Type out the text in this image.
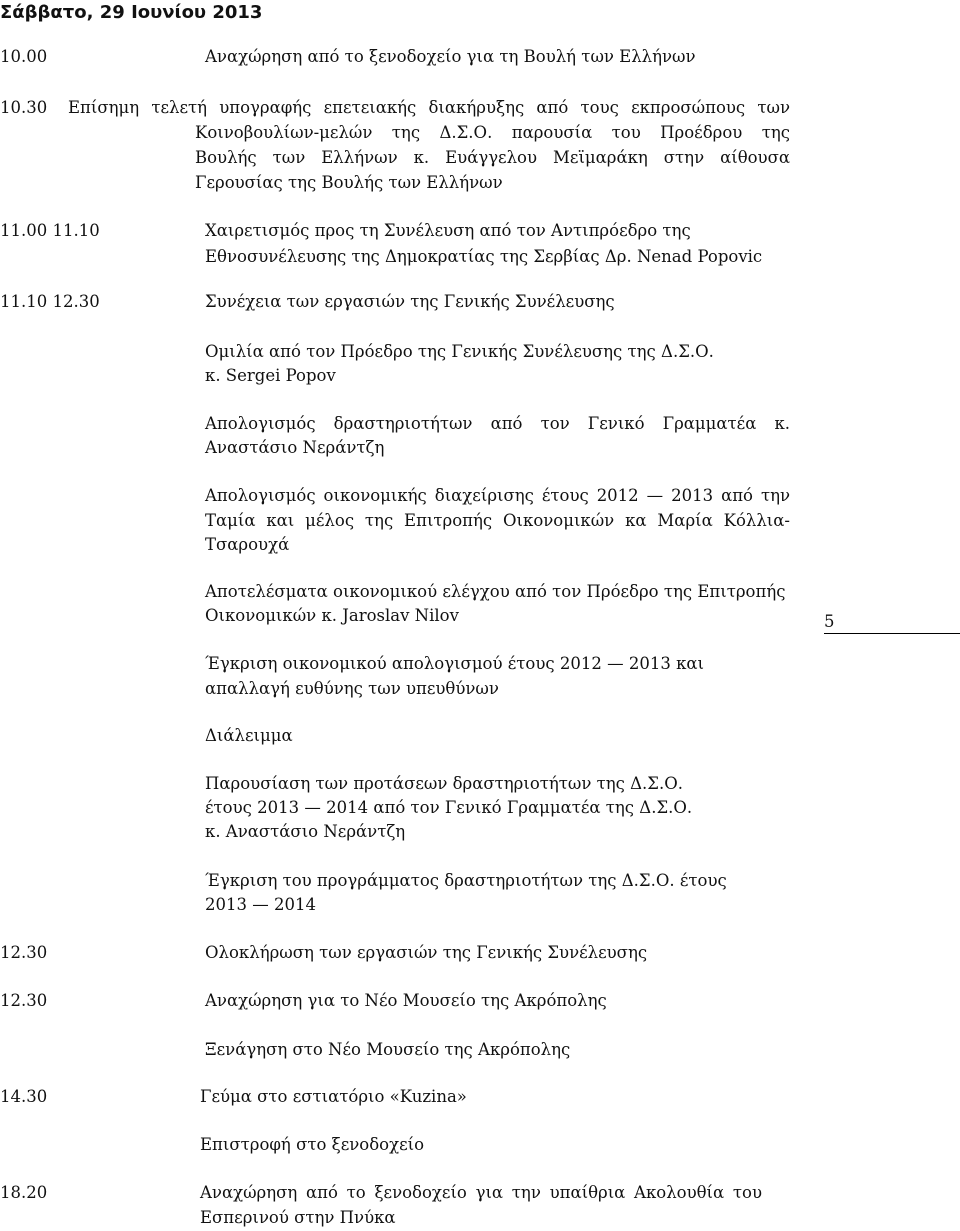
Σάββατο, 29 Ιουνίου 2013
10.00	Αναχώρηση από το ξενοδοχείο για τη Βουλή των Ελλήνων
10.30 Επίσημη τελετή υπογραφής επετειακής διακήρυξης από τους εκπροσώπους των
Κοινοβουλίων-μελών της Δ.Σ.Ο. παρουσία του Προέδρου της
Βουλής των Ελλήνων κ. Ευάγγελου Μεϊμαράκη στην αίθουσα
Γερουσίας της Βουλής των Ελλήνων
11.00 11.10	Χαιρετισμός προς τη Συνέλευση από τον Αντιπρόεδρο της
Εθνοσυνέλευσης της Δημοκρατίας της Σερβίας Δρ. Nenad Popovic
11.10 12.30	Συνέχεια των εργασιών της Γενικής Συνέλευσης
Ομιλία από τον Πρόεδρο της Γενικής Συνέλευσης της Δ.Σ.Ο.
κ. Sergei Popov
Απολογισμός δραστηριοτήτων από τον Γενικό Γραμματέα κ.
Αναστάσιο Νεράντζη
Απολογισμός οικονομικής διαχείρισης έτους 2012 — 2013 από την
Ταμία και μέλος της Επιτροπής Οικονομικών κα Μαρία Κόλλια-
Τσαρουχά
Αποτελέσματα οικονομικού ελέγχου από τον Πρόεδρο της Επιτροπής
Οικονομικών κ. Jaroslav Nilov	5
Έγκριση οικονομικού απολογισμού έτους 2012 — 2013 και
απαλλαγή ευθύνης των υπευθύνων
Διάλειμμα
Παρουσίαση των προτάσεων δραστηριοτήτων της Δ.Σ.Ο.
έτους 2013 — 2014 από τον Γενικό Γραμματέα της Δ.Σ.Ο.
κ. Αναστάσιο Νεράντζη
Έγκριση του προγράμματος δραστηριοτήτων της Δ.Σ.Ο. έτους
2013 — 2014
12.30	Ολοκλήρωση των εργασιών της Γενικής Συνέλευσης
12.30	Αναχώρηση για το Νέο Μουσείο της Ακρόπολης
Ξενάγηση στο Νέο Μουσείο της Ακρόπολης
14.30	Γεύμα στο εστιατόριο «Kuzina»
Επιστροφή στο ξενοδοχείο
18.20	Αναχώρηση από το ξενοδοχείο για την υπαίθρια Ακολουθία του
Εσπερινού στην Πνύκα
